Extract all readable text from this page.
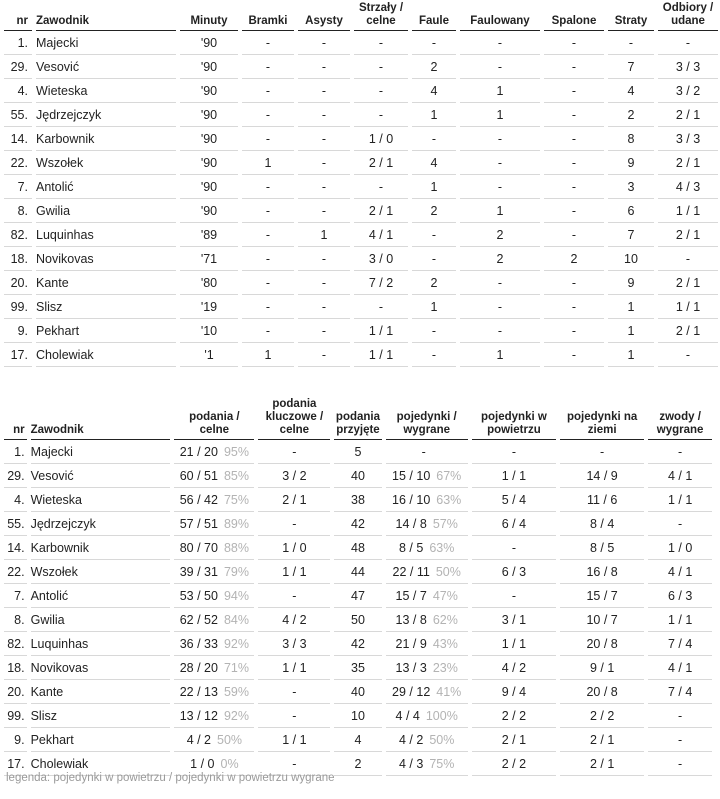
nr	Zawodnik	Minuty	Bramki	Asysty	Strzały / celne	Faule	Faulowany	Spalone	Straty	Odbiory / udane
1.	Majecki	'90	-	-	-	-	-	-	-	-
29.	Vesović	'90	-	-	-	2	-	-	7	3 / 3
4.	Wieteska	'90	-	-	-	4	1	-	4	3 / 2
55.	Jędrzejczyk	'90	-	-	-	1	1	-	2	2 / 1
14.	Karbownik	'90	-	-	1 / 0	-	-	-	8	3 / 3
22.	Wszołek	'90	1	-	2 / 1	4	-	-	9	2 / 1
7.	Antolić	'90	-	-	-	1	-	-	3	4 / 3
8.	Gwilia	'90	-	-	2 / 1	2	1	-	6	1 / 1
82.	Luquinhas	'89	-	1	4 / 1	-	2	-	7	2 / 1
18.	Novikovas	'71	-	-	3 / 0	-	2	2	10	-
20.	Kante	'80	-	-	7 / 2	2	-	-	9	2 / 1
99.	Slisz	'19	-	-	-	1	-	-	1	1 / 1
9.	Pekhart	'10	-	-	1 / 1	-	-	-	1	2 / 1
17.	Cholewiak	'1	1	-	1 / 1	-	1	-	1	-
nr	Zawodnik	podania / celne	podania kluczowe / celne	podania przyjęte	pojedynki / wygrane	pojedynki w powietrzu	pojedynki na ziemi	zwody / wygrane
1.	Majecki	21 / 20 95%	-	5	-	-	-	-
29.	Vesović	60 / 51 85%	3 / 2	40	15 / 10 67%	1 / 1	14 / 9	4 / 1
4.	Wieteska	56 / 42 75%	2 / 1	38	16 / 10 63%	5 / 4	11 / 6	1 / 1
55.	Jędrzejczyk	57 / 51 89%	-	42	14 / 8 57%	6 / 4	8 / 4	-
14.	Karbownik	80 / 70 88%	1 / 0	48	8 / 5 63%	-	8 / 5	1 / 0
22.	Wszołek	39 / 31 79%	1 / 1	44	22 / 11 50%	6 / 3	16 / 8	4 / 1
7.	Antolić	53 / 50 94%	-	47	15 / 7 47%	-	15 / 7	6 / 3
8.	Gwilia	62 / 52 84%	4 / 2	50	13 / 8 62%	3 / 1	10 / 7	1 / 1
82.	Luquinhas	36 / 33 92%	3 / 3	42	21 / 9 43%	1 / 1	20 / 8	7 / 4
18.	Novikovas	28 / 20 71%	1 / 1	35	13 / 3 23%	4 / 2	9 / 1	4 / 1
20.	Kante	22 / 13 59%	-	40	29 / 12 41%	9 / 4	20 / 8	7 / 4
99.	Slisz	13 / 12 92%	-	10	4 / 4 100%	2 / 2	2 / 2	-
9.	Pekhart	4 / 2 50%	1 / 1	4	4 / 2 50%	2 / 1	2 / 1	-
17.	Cholewiak	1 / 0 0%	-	2	4 / 3 75%	2 / 2	2 / 1	-
legenda: pojedynki w powietrzu / pojedynki w powietrzu wygrane
